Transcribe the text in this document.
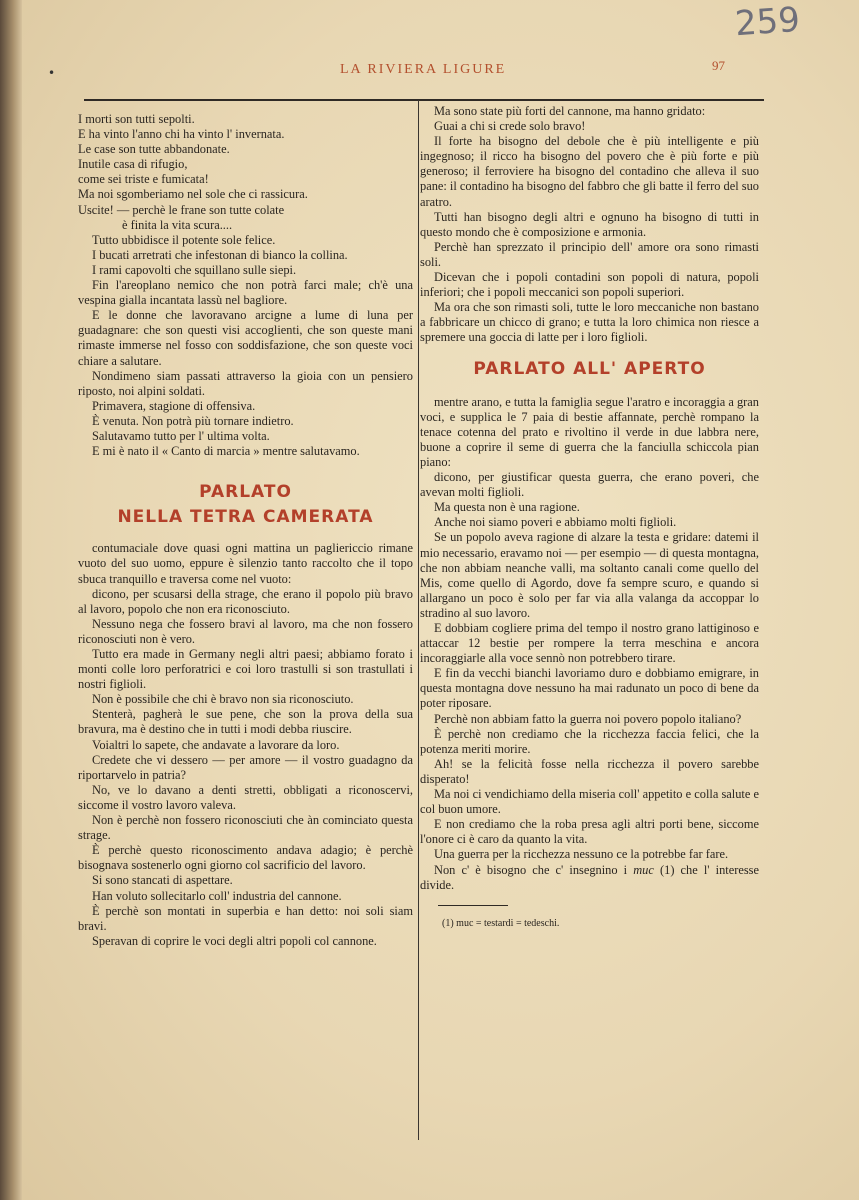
259
LA RIVIERA LIGURE	97
•

I morti son tutti sepolti.

E ha vinto l'anno chi ha vinto l' invernata.

Le case son tutte abbandonate.

Inutile casa di rifugio,

come sei triste e fumicata!

Ma noi sgomberiamo nel sole che ci rassicura.

Uscite! — perchè le frane son tutte colate

è finita la vita scura....

Tutto ubbidisce il potente sole felice.

I bucati arretrati che infestonan di bianco la collina.

I rami capovolti che squillano sulle siepi.

Fin l'areoplano nemico che non potrà farci male; ch'è una vespina gialla incantata lassù nel bagliore.

E le donne che lavoravano arcigne a lume di luna per guadagnare: che son questi visi accoglienti, che son queste mani rimaste immerse nel fosso con soddisfazione, che son queste voci chiare a salutare.

Nondimeno siam passati attraverso la gioia con un pensiero riposto, noi alpini soldati.

Primavera, stagione di offensiva.

È venuta. Non potrà più tornare indietro.

Salutavamo tutto per l' ultima volta.

E mi è nato il « Canto di marcia » mentre salutavamo.

PARLATO

NELLA TETRA CAMERATA

contumaciale dove quasi ogni mattina un pagliericcio rimane vuoto del suo uomo, eppure è silenzio tanto raccolto che il topo sbuca tranquillo e traversa come nel vuoto:

dicono, per scusarsi della strage, che erano il popolo più bravo al lavoro, popolo che non era riconosciuto.

Nessuno nega che fossero bravi al lavoro, ma che non fossero riconosciuti non è vero.

Tutto era made in Germany negli altri paesi; abbiamo forato i monti colle loro perforatrici e coi loro trastulli si son trastullati i nostri figlioli.

Non è possibile che chi è bravo non sia riconosciuto.

Stenterà, pagherà le sue pene, che son la prova della sua bravura, ma è destino che in tutti i modi debba riuscire.

Voialtri lo sapete, che andavate a lavorare da loro.

Credete che vi dessero — per amore — il vostro guadagno da riportarvelo in patria?

No, ve lo davano a denti stretti, obbligati a riconoscervi, siccome il vostro lavoro valeva.

Non è perchè non fossero riconosciuti che àn cominciato questa strage.

È perchè questo riconoscimento andava adagio; è perchè bisognava sostenerlo ogni giorno col sacrificio del lavoro.

Si sono stancati di aspettare.

Han voluto sollecitarlo coll' industria del cannone.

È perchè son montati in superbia e han detto: noi soli siam bravi.

Speravan di coprire le voci degli altri popoli col cannone.

Ma sono state più forti del cannone, ma hanno gridato:

Guai a chi si crede solo bravo!

Il forte ha bisogno del debole che è più intelligente e più ingegnoso; il ricco ha bisogno del povero che è più forte e più generoso; il ferroviere ha bisogno del contadino che alleva il suo pane: il contadino ha bisogno del fabbro che gli batte il ferro del suo aratro.

Tutti han bisogno degli altri e ognuno ha bisogno di tutti in questo mondo che è composizione e armonia.

Perchè han sprezzato il principio dell' amore ora sono rimasti soli.

Dicevan che i popoli contadini son popoli di natura, popoli inferiori; che i popoli meccanici son popoli superiori.

Ma ora che son rimasti soli, tutte le loro meccaniche non bastano a fabbricare un chicco di grano; e tutta la loro chimica non riesce a spremere una goccia di latte per i loro figlioli.

PARLATO ALL' APERTO

mentre arano, e tutta la famiglia segue l'aratro e incoraggia a gran voci, e supplica le 7 paia di bestie affannate, perchè rompano la tenace cotenna del prato e rivoltino il verde in due labbra nere, buone a coprire il seme di guerra che la fanciulla schiccola pian piano:

dicono, per giustificar questa guerra, che erano poveri, che avevan molti figlioli.

Ma questa non è una ragione.

Anche noi siamo poveri e abbiamo molti figlioli.

Se un popolo aveva ragione di alzare la testa e gridare: datemi il mio necessario, eravamo noi — per esempio — di questa montagna, che non abbiam neanche valli, ma soltanto canali come quello del Mis, come quello di Agordo, dove fa sempre scuro, e quando si allargano un poco è solo per far via alla valanga da accoppar lo stradino al suo lavoro.

E dobbiam cogliere prima del tempo il nostro grano lattiginoso e attaccar 12 bestie per rompere la terra meschina e ancora incoraggiarle alla voce sennò non potrebbero tirare.

E fin da vecchi bianchi lavoriamo duro e dobbiamo emigrare, in questa montagna dove nessuno ha mai radunato un poco di bene da poter riposare.

Perchè non abbiam fatto la guerra noi povero popolo italiano?

È perchè non crediamo che la ricchezza faccia felici, che la potenza meriti morire.

Ah! se la felicità fosse nella ricchezza il povero sarebbe disperato!

Ma noi ci vendichiamo della miseria coll' appetito e colla salute e col buon umore.

E non crediamo che la roba presa agli altri porti bene, siccome l'onore ci è caro da quanto la vita.

Una guerra per la ricchezza nessuno ce la potrebbe far fare.

Non c' è bisogno che c' insegnino i muc (1) che l' interesse divide.

(1) muc = testardi = tedeschi.
